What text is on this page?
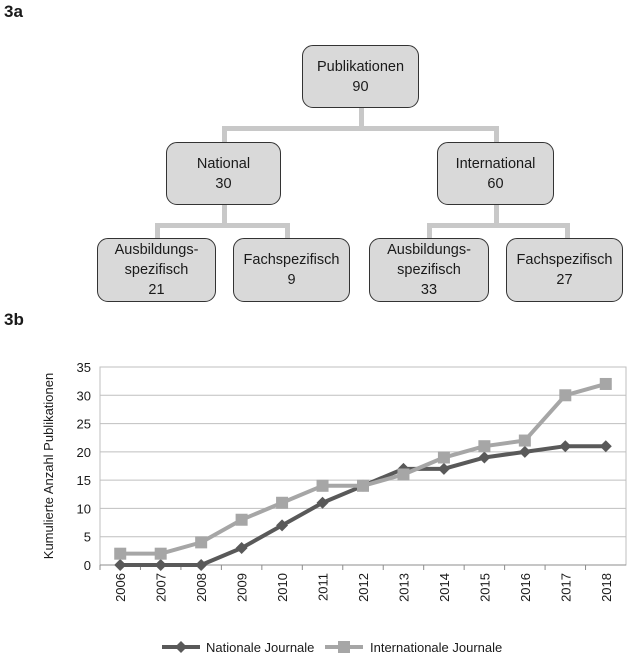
3a
3b
Publikationen
90
National
30
International
60
Ausbildungs-
spezifisch
21
Fachspezifisch
9
Ausbildungs-
spezifisch
33
Fachspezifisch
27
0
5
10
15
20
25
30
35
2006 2007 2008 2009 2010 2011 2012 2013 2014 2015 2016 2017 2018
Nationale Journale	Internationale Journale
Kumulierte Anzahl Publikationen
